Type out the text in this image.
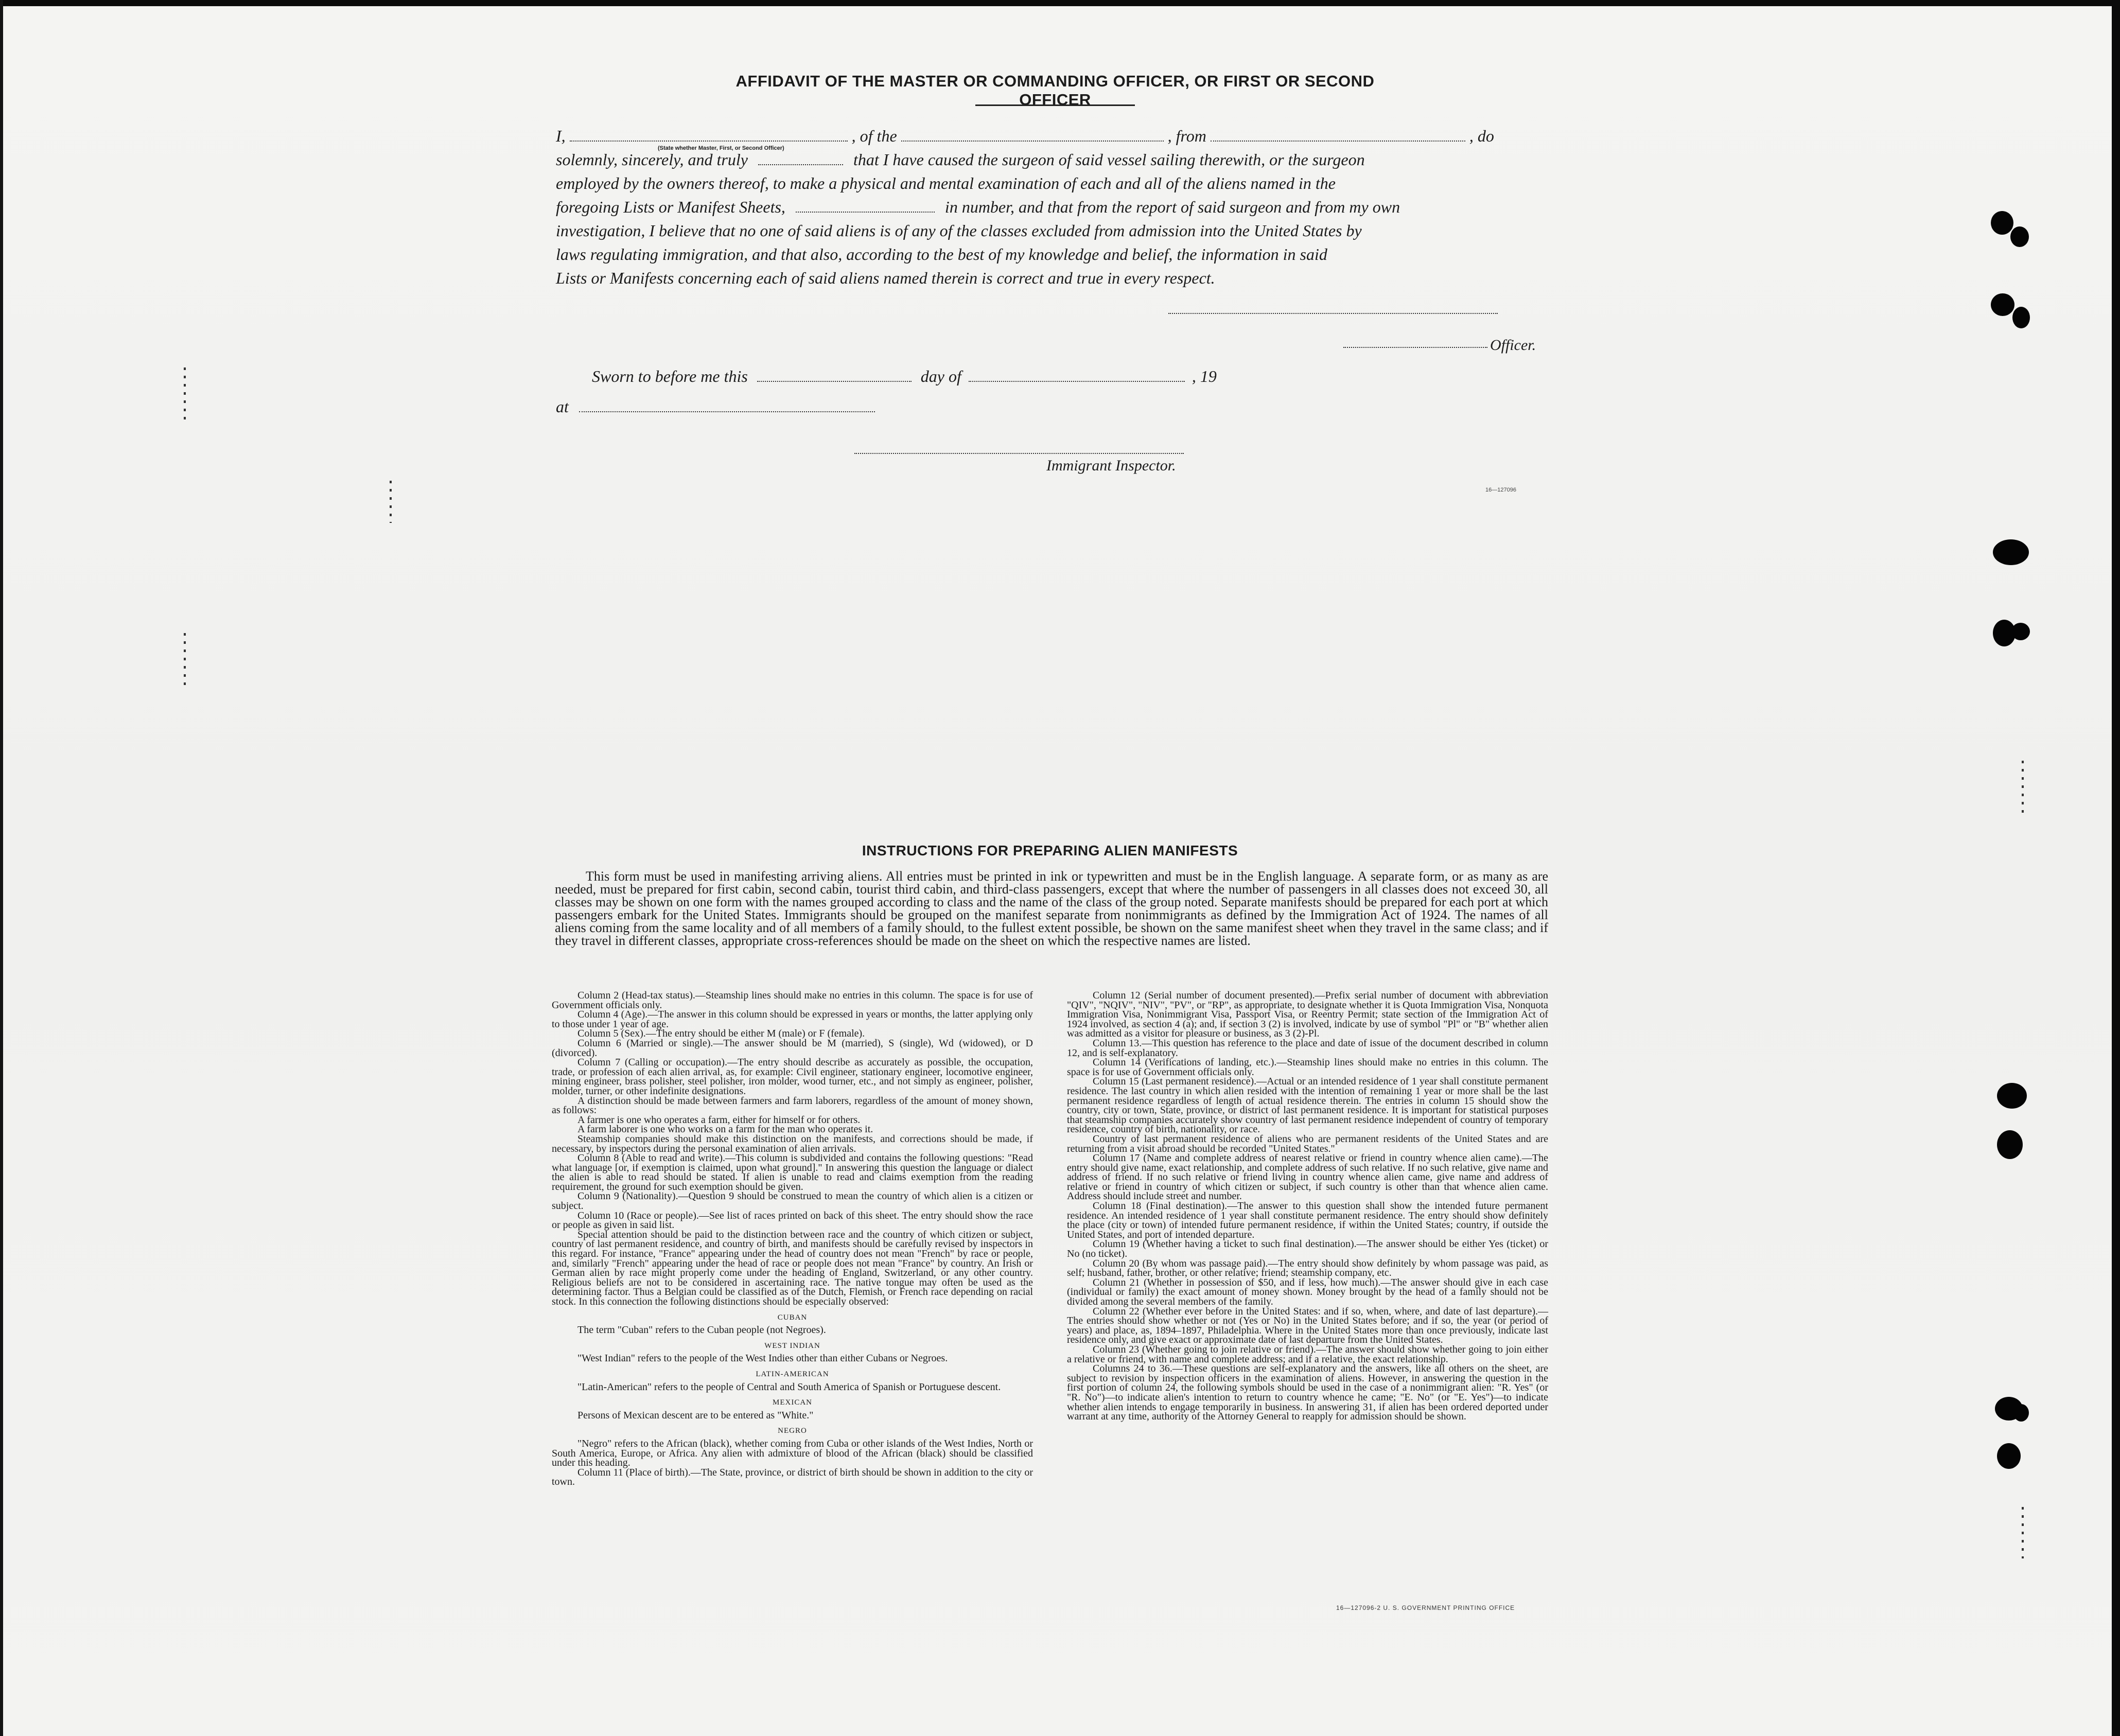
AFFIDAVIT OF THE MASTER OR COMMANDING OFFICER, OR FIRST OR SECOND OFFICER
I,	, of the	, from	, do
(State whether Master, First, or Second Officer)
solemnly, sincerely, and truly	that I have caused the surgeon of said vessel sailing therewith, or the surgeon
employed by the owners thereof, to make a physical and mental examination of each and all of the aliens named in the
foregoing Lists or Manifest Sheets,	in number, and that from the report of said surgeon and from my own
investigation, I believe that no one of said aliens is of any of the classes excluded from admission into the United States by
laws regulating immigration, and that also, according to the best of my knowledge and belief, the information in said
Lists or Manifests concerning each of said aliens named therein is correct and true in every respect.
Officer.
Sworn to before me this	day of	, 19
at
Immigrant Inspector.
16—127096
INSTRUCTIONS FOR PREPARING ALIEN MANIFESTS
This form must be used in manifesting arriving aliens. All entries must be printed in ink or typewritten and must be in the English language. A separate form, or as many as are needed, must be prepared for first cabin, second cabin, tourist third cabin, and third-class passengers, except that where the number of passengers in all classes does not exceed 30, all classes may be shown on one form with the names grouped according to class and the name of the class of the group noted. Separate manifests should be prepared for each port at which passengers embark for the United States. Immigrants should be grouped on the manifest separate from nonimmigrants as defined by the Immigration Act of 1924. The names of all aliens coming from the same locality and of all members of a family should, to the fullest extent possible, be shown on the same manifest sheet when they travel in the same class; and if they travel in different classes, appropriate cross-references should be made on the sheet on which the respective names are listed.

Column 2 (Head-tax status).—Steamship lines should make no entries in this column. The space is for use of Government officials only.

Column 4 (Age).—The answer in this column should be expressed in years or months, the latter applying only to those under 1 year of age.

Column 5 (Sex).—The entry should be either M (male) or F (female).

Column 6 (Married or single).—The answer should be M (married), S (single), Wd (widowed), or D (divorced).

Column 7 (Calling or occupation).—The entry should describe as accurately as possible, the occupation, trade, or profession of each alien arrival, as, for example: Civil engineer, stationary engineer, locomotive engineer, mining engineer, brass polisher, steel polisher, iron molder, wood turner, etc., and not simply as engineer, polisher, molder, turner, or other indefinite designations.

A distinction should be made between farmers and farm laborers, regardless of the amount of money shown, as follows:

A farmer is one who operates a farm, either for himself or for others.

A farm laborer is one who works on a farm for the man who operates it.

Steamship companies should make this distinction on the manifests, and corrections should be made, if necessary, by inspectors during the personal examination of alien arrivals.

Column 8 (Able to read and write).—This column is subdivided and contains the following questions: "Read what language [or, if exemption is claimed, upon what ground]." In answering this question the language or dialect the alien is able to read should be stated. If alien is unable to read and claims exemption from the reading requirement, the ground for such exemption should be given.

Column 9 (Nationality).—Question 9 should be construed to mean the country of which alien is a citizen or subject.

Column 10 (Race or people).—See list of races printed on back of this sheet. The entry should show the race or people as given in said list.

Special attention should be paid to the distinction between race and the country of which citizen or subject, country of last permanent residence, and country of birth, and manifests should be carefully revised by inspectors in this regard. For instance, "France" appearing under the head of country does not mean "French" by race or people, and, similarly "French" appearing under the head of race or people does not mean "France" by country. An Irish or German alien by race might properly come under the heading of England, Switzerland, or any other country. Religious beliefs are not to be considered in ascertaining race. The native tongue may often be used as the determining factor. Thus a Belgian could be classified as of the Dutch, Flemish, or French race depending on racial stock. In this connection the following distinctions should be especially observed:

CUBAN

The term "Cuban" refers to the Cuban people (not Negroes).

WEST INDIAN

"West Indian" refers to the people of the West Indies other than either Cubans or Negroes.

LATIN-AMERICAN

"Latin-American" refers to the people of Central and South America of Spanish or Portuguese descent.

MEXICAN

Persons of Mexican descent are to be entered as "White."

NEGRO

"Negro" refers to the African (black), whether coming from Cuba or other islands of the West Indies, North or South America, Europe, or Africa. Any alien with admixture of blood of the African (black) should be classified under this heading.

Column 11 (Place of birth).—The State, province, or district of birth should be shown in addition to the city or town.

Column 12 (Serial number of document presented).—Prefix serial number of document with abbreviation "QIV", "NQIV", "NIV", "PV", or "RP", as appropriate, to designate whether it is Quota Immigration Visa, Nonquota Immigration Visa, Nonimmigrant Visa, Passport Visa, or Reentry Permit; state section of the Immigration Act of 1924 involved, as section 4 (a); and, if section 3 (2) is involved, indicate by use of symbol "Pl" or "B" whether alien was admitted as a visitor for pleasure or business, as 3 (2)-Pl.

Column 13.—This question has reference to the place and date of issue of the document described in column 12, and is self-explanatory.

Column 14 (Verifications of landing, etc.).—Steamship lines should make no entries in this column. The space is for use of Government officials only.

Column 15 (Last permanent residence).—Actual or an intended residence of 1 year shall constitute permanent residence. The last country in which alien resided with the intention of remaining 1 year or more shall be the last permanent residence regardless of length of actual residence therein. The entries in column 15 should show the country, city or town, State, province, or district of last permanent residence. It is important for statistical purposes that steamship companies accurately show country of last permanent residence independent of country of temporary residence, country of birth, nationality, or race.

Country of last permanent residence of aliens who are permanent residents of the United States and are returning from a visit abroad should be recorded "United States."

Column 17 (Name and complete address of nearest relative or friend in country whence alien came).—The entry should give name, exact relationship, and complete address of such relative. If no such relative, give name and address of friend. If no such relative or friend living in country whence alien came, give name and address of relative or friend in country of which citizen or subject, if such country is other than that whence alien came. Address should include street and number.

Column 18 (Final destination).—The answer to this question shall show the intended future permanent residence. An intended residence of 1 year shall constitute permanent residence. The entry should show definitely the place (city or town) of intended future permanent residence, if within the United States; country, if outside the United States, and port of intended departure.

Column 19 (Whether having a ticket to such final destination).—The answer should be either Yes (ticket) or No (no ticket).

Column 20 (By whom was passage paid).—The entry should show definitely by whom passage was paid, as self; husband, father, brother, or other relative; friend; steamship company, etc.

Column 21 (Whether in possession of $50, and if less, how much).—The answer should give in each case (individual or family) the exact amount of money shown. Money brought by the head of a family should not be divided among the several members of the family.

Column 22 (Whether ever before in the United States: and if so, when, where, and date of last departure).—The entries should show whether or not (Yes or No) in the United States before; and if so, the year (or period of years) and place, as, 1894–1897, Philadelphia. Where in the United States more than once previously, indicate last residence only, and give exact or approximate date of last departure from the United States.

Column 23 (Whether going to join relative or friend).—The answer should show whether going to join either a relative or friend, with name and complete address; and if a relative, the exact relationship.

Columns 24 to 36.—These questions are self-explanatory and the answers, like all others on the sheet, are subject to revision by inspection officers in the examination of aliens. However, in answering the question in the first portion of column 24, the following symbols should be used in the case of a nonimmigrant alien: "R. Yes" (or "R. No")—to indicate alien's intention to return to country whence he came; "E. No" (or "E. Yes")—to indicate whether alien intends to engage temporarily in business. In answering 31, if alien has been ordered deported under warrant at any time, authority of the Attorney General to reapply for admission should be shown.

16—127096-2 U. S. GOVERNMENT PRINTING OFFICE
